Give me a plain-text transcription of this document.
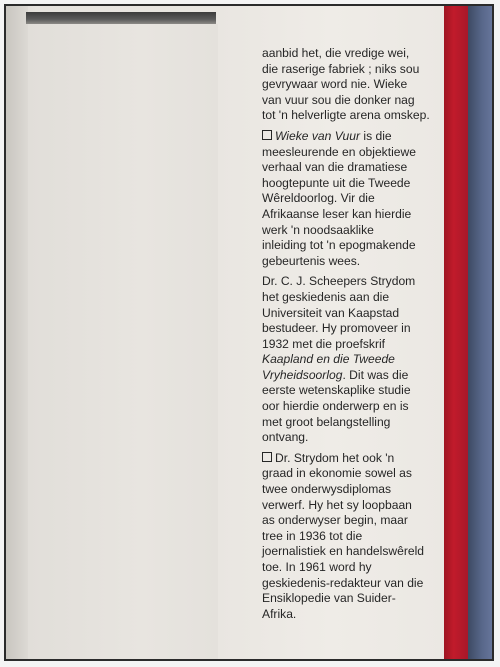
aanbid het, die vredige wei,
die raserige fabriek ; niks sou
gevrywaar word nie. Wieke
van vuur sou die donker nag
tot 'n helverligte arena omskep.
Wieke van Vuur is die
meesleurende en objektiewe
verhaal van die dramatiese
hoogtepunte uit die Tweede
Wêreldoorlog. Vir die
Afrikaanse leser kan hierdie
werk 'n noodsaaklike
inleiding tot 'n epogmakende
gebeurtenis wees.
Dr. C. J. Scheepers Strydom
het geskiedenis aan die
Universiteit van Kaapstad
bestudeer. Hy promoveer in
1932 met die proefskrif
Kaapland en die Tweede
Vryheidsoorlog. Dit was die
eerste wetenskaplike studie
oor hierdie onderwerp en is
met groot belangstelling
ontvang.
Dr. Strydom het ook 'n
graad in ekonomie sowel as
twee onderwysdiplomas
verwerf. Hy het sy loopbaan
as onderwyser begin, maar
tree in 1936 tot die
joernalistiek en handelswêreld
toe. In 1961 word hy
geskiedenis-redakteur van die
Ensiklopedie van Suider-
Afrika.
